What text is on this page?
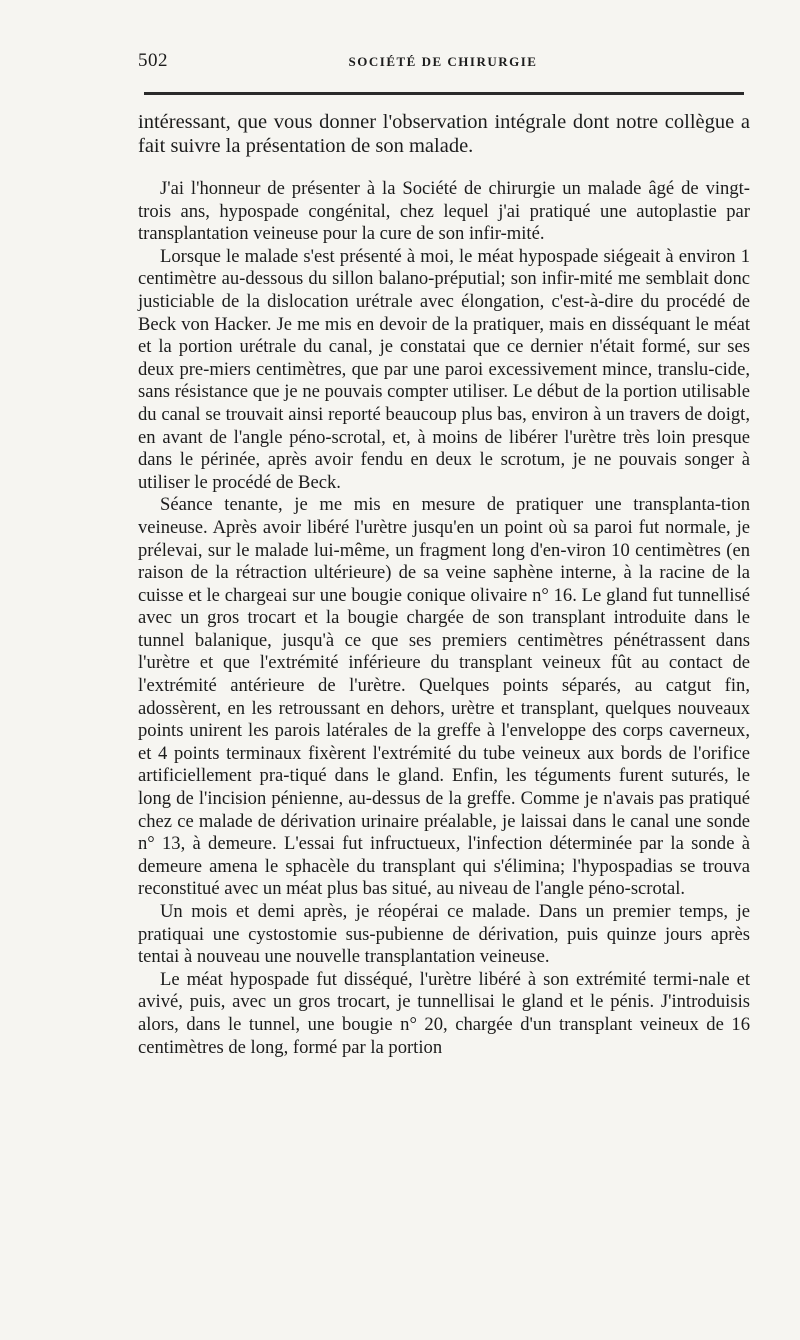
502	SOCIÉTÉ DE CHIRURGIE

intéressant, que vous donner l'observation intégrale dont notre collègue a fait suivre la présentation de son malade.

J'ai l'honneur de présenter à la Société de chirurgie un malade âgé de vingt-trois ans, hypospade congénital, chez lequel j'ai pratiqué une autoplastie par transplantation veineuse pour la cure de son infir-mité.

Lorsque le malade s'est présenté à moi, le méat hypospade siégeait à environ 1 centimètre au-dessous du sillon balano-préputial; son infir-mité me semblait donc justiciable de la dislocation urétrale avec élongation, c'est-à-dire du procédé de Beck von Hacker. Je me mis en devoir de la pratiquer, mais en disséquant le méat et la portion urétrale du canal, je constatai que ce dernier n'était formé, sur ses deux pre-miers centimètres, que par une paroi excessivement mince, translu-cide, sans résistance que je ne pouvais compter utiliser. Le début de la portion utilisable du canal se trouvait ainsi reporté beaucoup plus bas, environ à un travers de doigt, en avant de l'angle péno-scrotal, et, à moins de libérer l'urètre très loin presque dans le périnée, après avoir fendu en deux le scrotum, je ne pouvais songer à utiliser le procédé de Beck.

Séance tenante, je me mis en mesure de pratiquer une transplanta-tion veineuse. Après avoir libéré l'urètre jusqu'en un point où sa paroi fut normale, je prélevai, sur le malade lui-même, un fragment long d'en-viron 10 centimètres (en raison de la rétraction ultérieure) de sa veine saphène interne, à la racine de la cuisse et le chargeai sur une bougie conique olivaire n° 16. Le gland fut tunnellisé avec un gros trocart et la bougie chargée de son transplant introduite dans le tunnel balanique, jusqu'à ce que ses premiers centimètres pénétrassent dans l'urètre et que l'extrémité inférieure du transplant veineux fût au contact de l'extrémité antérieure de l'urètre. Quelques points séparés, au catgut fin, adossèrent, en les retroussant en dehors, urètre et transplant, quelques nouveaux points unirent les parois latérales de la greffe à l'enveloppe des corps caverneux, et 4 points terminaux fixèrent l'extrémité du tube veineux aux bords de l'orifice artificiellement pra-tiqué dans le gland. Enfin, les téguments furent suturés, le long de l'incision pénienne, au-dessus de la greffe. Comme je n'avais pas pratiqué chez ce malade de dérivation urinaire préalable, je laissai dans le canal une sonde n° 13, à demeure. L'essai fut infructueux, l'infection déterminée par la sonde à demeure amena le sphacèle du transplant qui s'élimina; l'hypospadias se trouva reconstitué avec un méat plus bas situé, au niveau de l'angle péno-scrotal.

Un mois et demi après, je réopérai ce malade. Dans un premier temps, je pratiquai une cystostomie sus-pubienne de dérivation, puis quinze jours après tentai à nouveau une nouvelle transplantation veineuse.

Le méat hypospade fut disséqué, l'urètre libéré à son extrémité termi-nale et avivé, puis, avec un gros trocart, je tunnellisai le gland et le pénis. J'introduisis alors, dans le tunnel, une bougie n° 20, chargée d'un transplant veineux de 16 centimètres de long, formé par la portion
